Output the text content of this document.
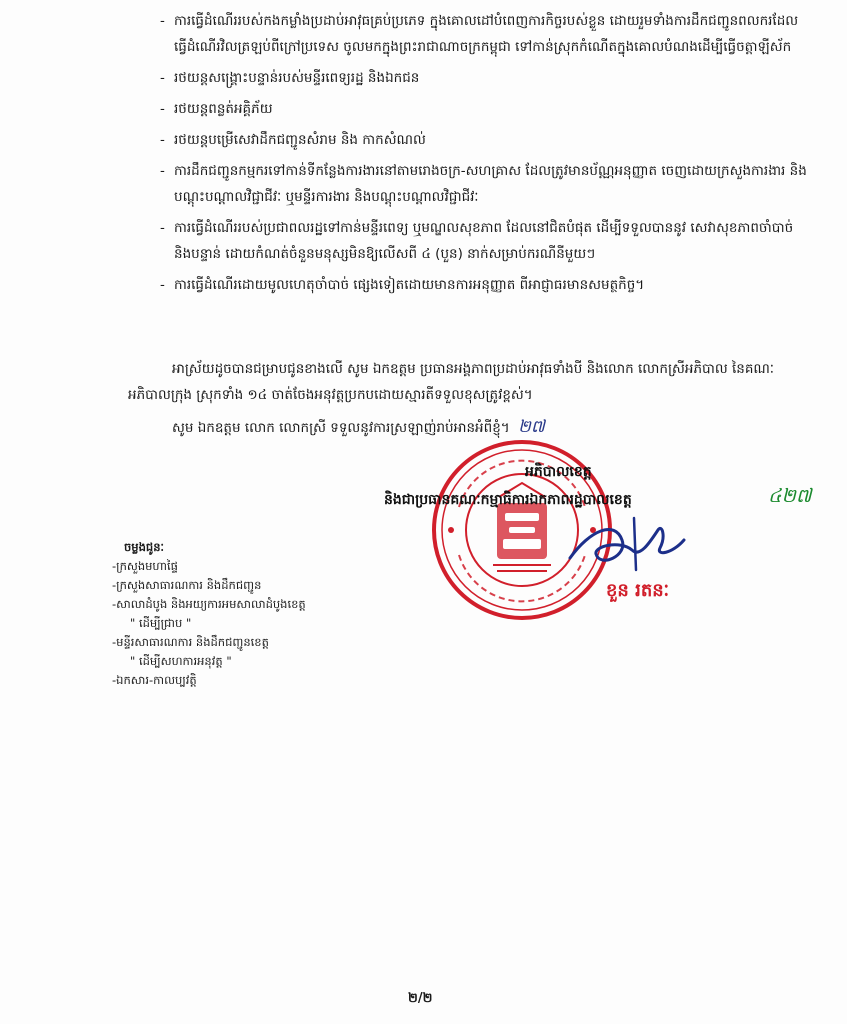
- ការធ្វើដំណើររបស់កងកម្លាំងប្រដាប់អាវុធគ្រប់ប្រភេទ ក្នុងគោលដៅបំពេញការកិច្ចរបស់ខ្លួន ដោយរួមទាំងការដឹកជញ្ជូនពលករដែលធ្វើដំណើរវិលត្រឡប់ពីក្រៅប្រទេស ចូលមកក្នុងព្រះរាជាណាចក្រកម្ពុជា ទៅកាន់ស្រុកកំណើតក្នុងគោលបំណងដើម្បីធ្វើចត្តាឡីស័ក
- រថយន្តសង្គ្រោះបន្ទាន់របស់មន្ទីរពេទ្យរដ្ឋ និងឯកជន
- រថយន្តពន្លត់អគ្គិភ័យ
- រថយន្តបម្រើសេវាដឹកជញ្ជូនសំរាម និង កាកសំណល់
- ការដឹកជញ្ជូនកម្មករទៅកាន់ទីកន្លែងការងារនៅតាមរោងចក្រ-សហគ្រាស ដែលត្រូវមានប័ណ្ណអនុញ្ញាត ចេញដោយក្រសួងការងារ និងបណ្តុះបណ្តាលវិជ្ជាជីវៈ ឬមន្ទីរការងារ និងបណ្តុះបណ្តាលវិជ្ជាជីវៈ
- ការធ្វើដំណើររបស់ប្រជាពលរដ្ឋទៅកាន់មន្ទីរពេទ្យ ឬមណ្ឌលសុខភាព ដែលនៅជិតបំផុត ដើម្បីទទួលបាននូវ សេវាសុខភាពចាំបាច់ និងបន្ទាន់ ដោយកំណត់ចំនួនមនុស្សមិនឱ្យលើសពី ៤ (បួន) នាក់សម្រាប់ករណីនីមួយៗ
- ការធ្វើដំណើរដោយមូលហេតុចាំបាច់ ផ្សេងទៀតដោយមានការអនុញ្ញាត ពីអាជ្ញាធរមានសមត្ថកិច្ច។
អាស្រ័យដូចបានជម្រាបជូនខាងលើ សូម ឯកឧត្តម ប្រធានអង្គភាពប្រដាប់អាវុធទាំងបី និងលោក លោកស្រីអភិបាល នៃគណៈអភិបាលក្រុង ស្រុកទាំង ១៤ ចាត់ចែងអនុវត្តប្រកបដោយស្មារតីទទួលខុសត្រូវខ្ពស់។
សូម ឯកឧត្តម លោក លោកស្រី ទទួលនូវការស្រឡាញ់រាប់អានអំពីខ្ញុំ។ ២៧
អភិបាលខេត្ត
និងជាប្រធានគណៈកម្មាធិការឯកភាពរដ្ឋបាលខេត្ត	៤២៧
ខួន រតនៈ
ចម្លងជូនៈ
-ក្រសួងមហាផ្ទៃ
-ក្រសួងសាធារណការ និងដឹកជញ្ជូន
-សាលាដំបូង និងអយ្យការអមសាលាដំបូងខេត្ត
" ដើម្បីជ្រាប "
-មន្ទីរសាធារណការ និងដឹកជញ្ជូនខេត្ត
" ដើម្បីសហការអនុវត្ត "
-ឯកសារ-កាលប្បវត្តិ
២/២
